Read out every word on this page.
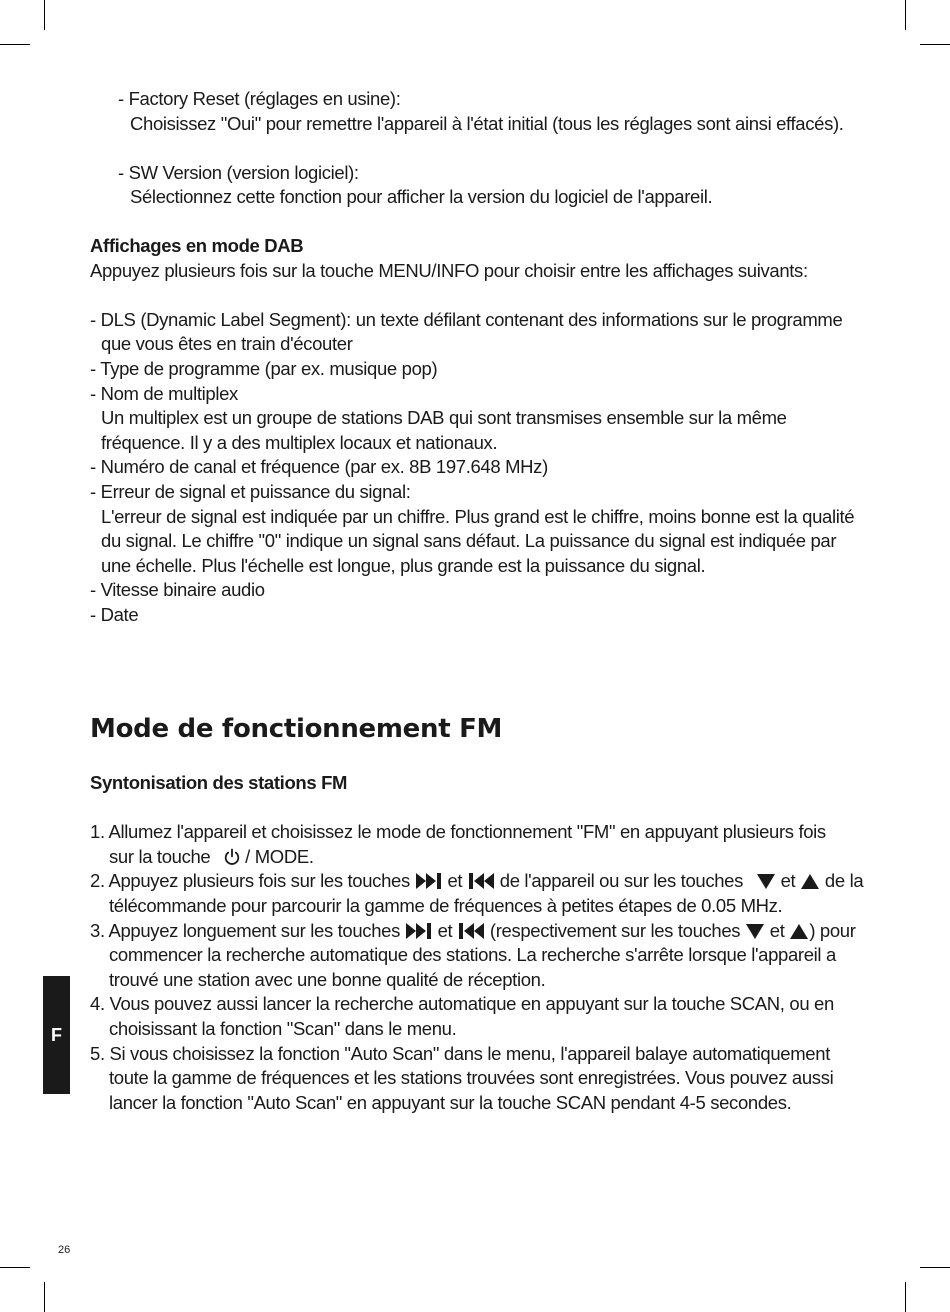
- Factory Reset (réglages en usine):

Choisissez "Oui" pour remettre l'appareil à l'état initial (tous les réglages sont ainsi effacés).

- SW Version (version logiciel):

Sélectionnez cette fonction pour afficher la version du logiciel de l'appareil.

Affichages en mode DAB

Appuyez plusieurs fois sur la touche MENU/INFO pour choisir entre les affichages suivants:

- DLS (Dynamic Label Segment): un texte défilant contenant des informations sur le programme

que vous êtes en train d'écouter

- Type de programme (par ex. musique pop)

- Nom de multiplex

Un multiplex est un groupe de stations DAB qui sont transmises ensemble sur la même

fréquence. Il y a des multiplex locaux et nationaux.

- Numéro de canal et fréquence (par ex. 8B 197.648 MHz)

- Erreur de signal et puissance du signal:

L'erreur de signal est indiquée par un chiffre. Plus grand est le chiffre, moins bonne est la qualité

du signal. Le chiffre "0" indique un signal sans défaut. La puissance du signal est indiquée par

une échelle. Plus l'échelle est longue, plus grande est la puissance du signal.

- Vitesse binaire audio

- Date

Mode de fonctionnement FM

Syntonisation des stations FM

1. Allumez l'appareil et choisissez le mode de fonctionnement "FM" en appuyant plusieurs fois

sur la touche
/ MODE.

2. Appuyez plusieurs fois sur les touches
et
de l'appareil ou sur les touches
et
de la

télécommande pour parcourir la gamme de fréquences à petites étapes de 0.05 MHz.

3. Appuyez longuement sur les touches
et
(respectivement sur les touches
et
) pour

commencer la recherche automatique des stations. La recherche s'arrête lorsque l'appareil a

trouvé une station avec une bonne qualité de réception.

4. Vous pouvez aussi lancer la recherche automatique en appuyant sur la touche SCAN, ou en

choisissant la fonction "Scan" dans le menu.

5. Si vous choisissez la fonction "Auto Scan" dans le menu, l'appareil balaye automatiquement

toute la gamme de fréquences et les stations trouvées sont enregistrées. Vous pouvez aussi

lancer la fonction "Auto Scan" en appuyant sur la touche SCAN pendant 4-5 secondes.

F
26
